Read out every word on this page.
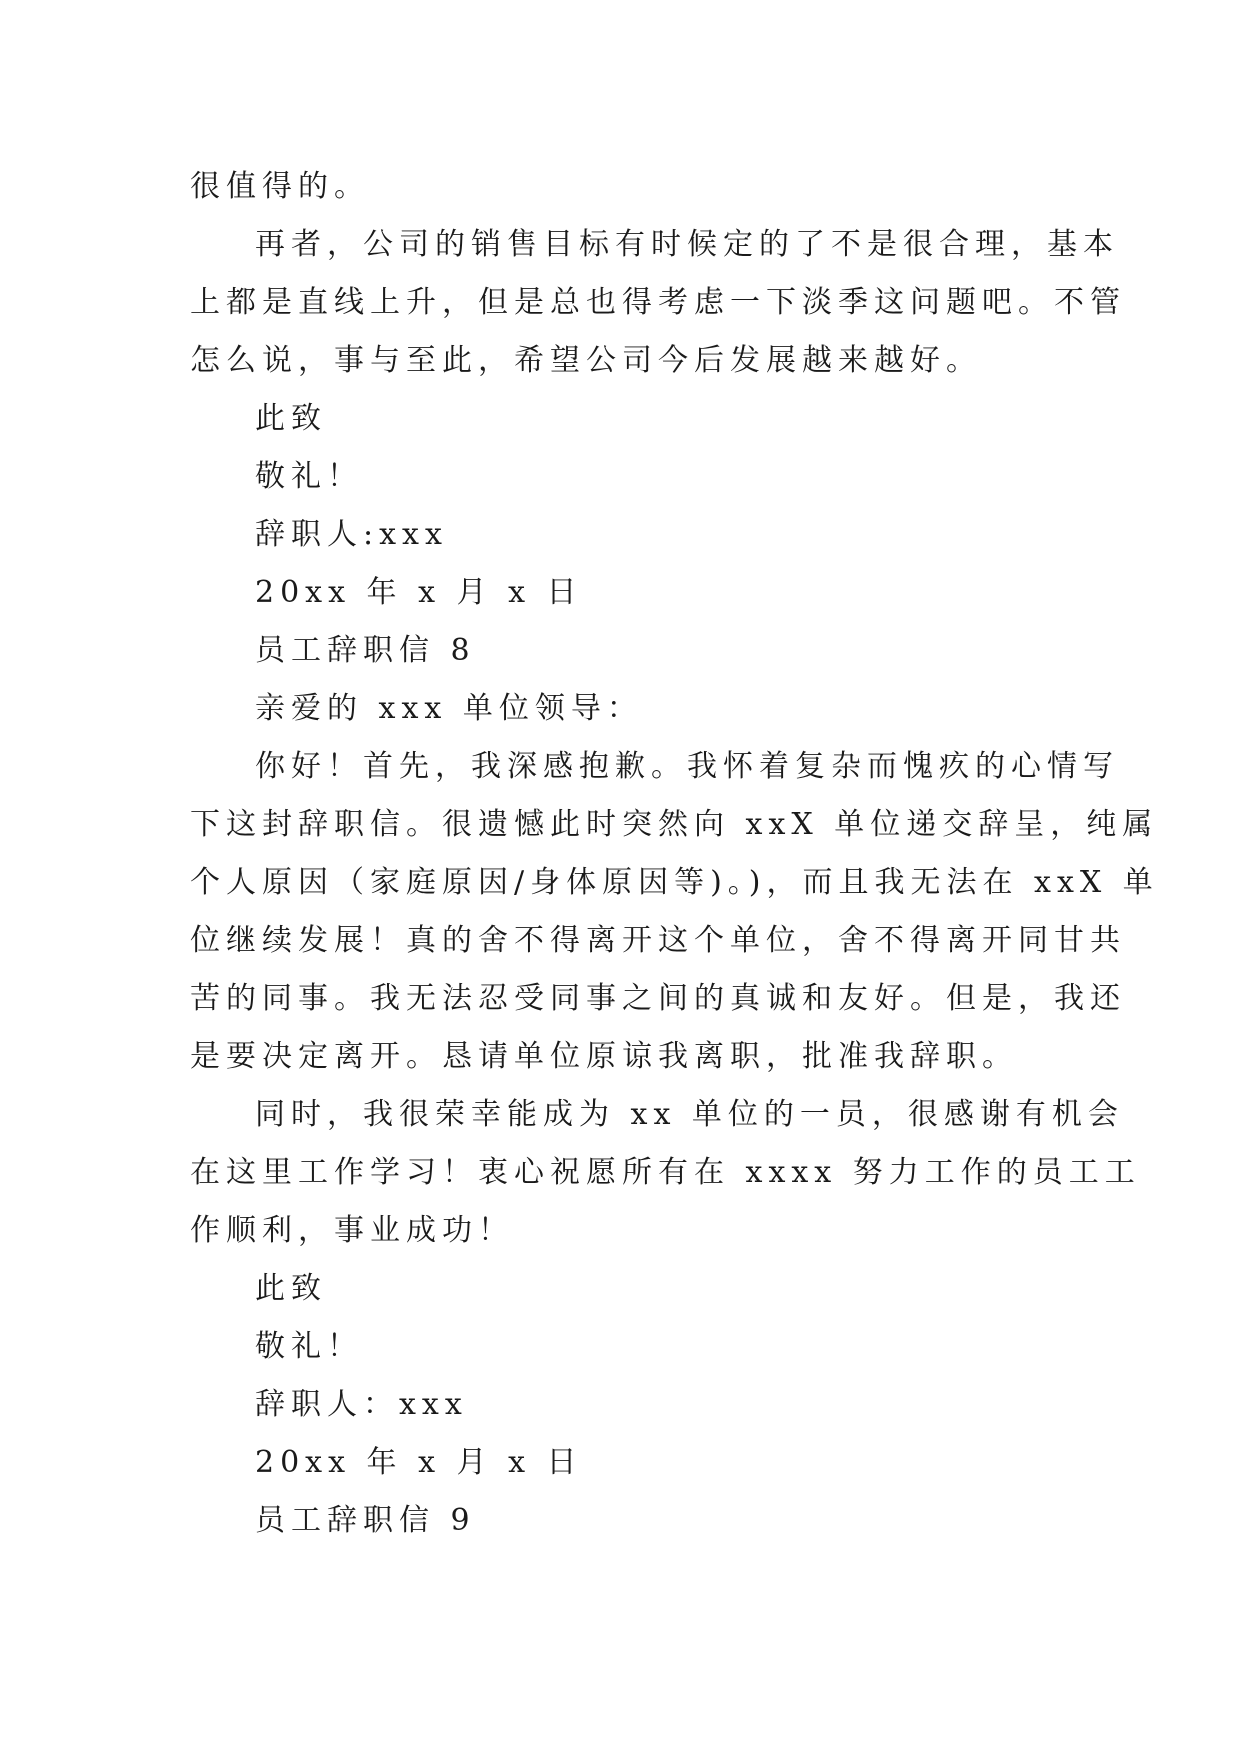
很值得的。
再者，公司的销售目标有时候定的了不是很合理，基本
上都是直线上升，但是总也得考虑一下淡季这问题吧。不管
怎么说，事与至此，希望公司今后发展越来越好。
此致
敬礼！
辞职人:xxx
20xx 年 x 月 x 日
员工辞职信 8
亲爱的 xxx 单位领导：
你好！首先，我深感抱歉。我怀着复杂而愧疚的心情写
下这封辞职信。很遗憾此时突然向 xxX 单位递交辞呈，纯属
个人原因（家庭原因/身体原因等)。)，而且我无法在 xxX 单
位继续发展！真的舍不得离开这个单位，舍不得离开同甘共
苦的同事。我无法忍受同事之间的真诚和友好。但是，我还
是要决定离开。恳请单位原谅我离职，批准我辞职。
同时，我很荣幸能成为 xx 单位的一员，很感谢有机会
在这里工作学习！衷心祝愿所有在 xxxx 努力工作的员工工
作顺利，事业成功！
此致
敬礼！
辞职人：xxx
20xx 年 x 月 x 日
员工辞职信 9
